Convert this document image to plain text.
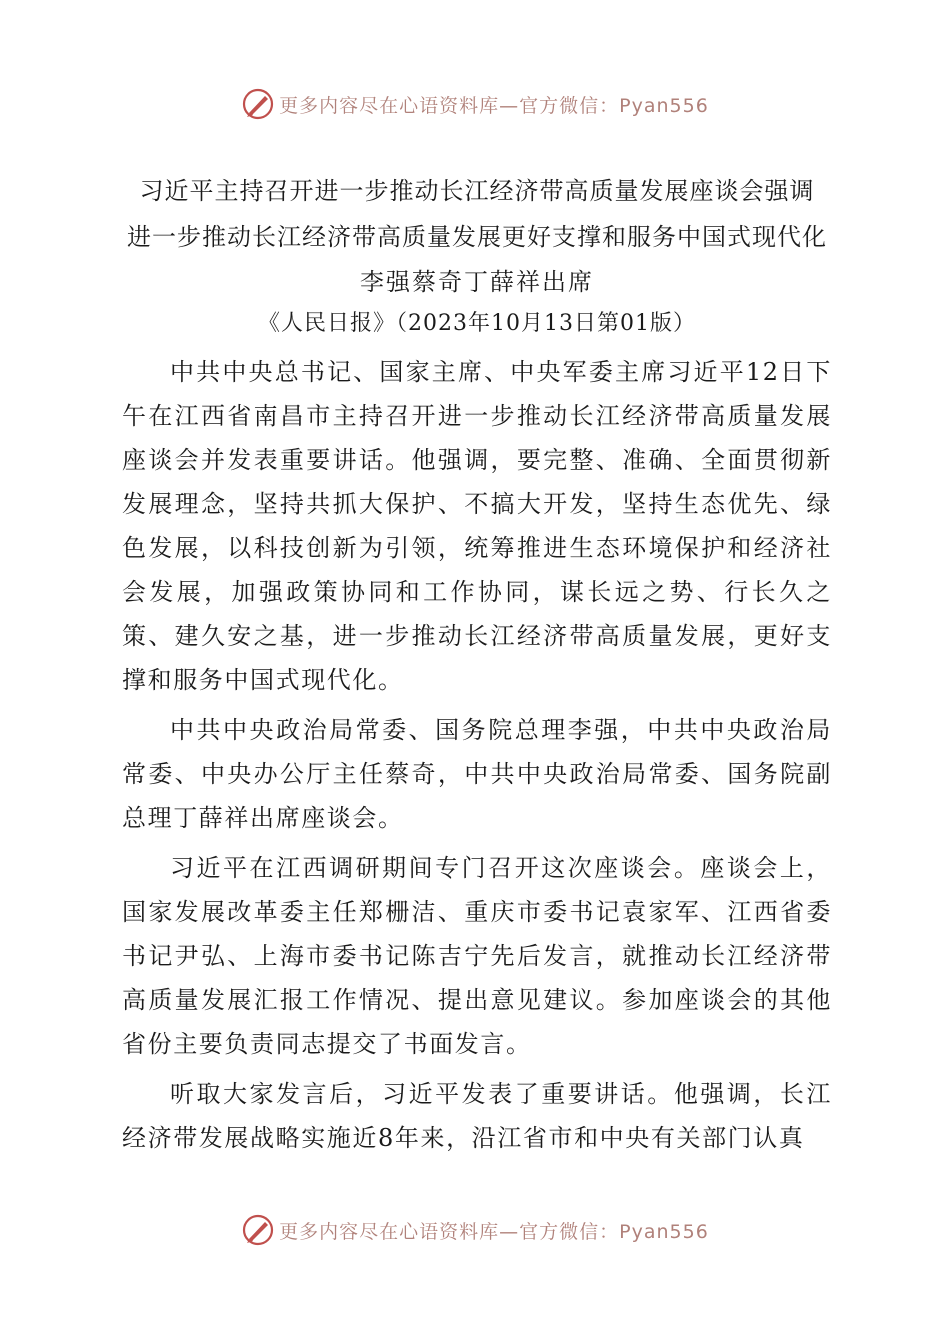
更多内容尽在心语资料库—官方微信：Pyan556
习近平主持召开进一步推动长江经济带高质量发展座谈会强调
进一步推动长江经济带高质量发展更好支撑和服务中国式现代化

李强蔡奇丁薛祥出席

《人民日报》（2023年10月13日第01版）

中共中央总书记、国家主席、中央军委主席习近平12日下午在江西省南昌市主持召开进一步推动长江经济带高质量发展座谈会并发表重要讲话。他强调，要完整、准确、全面贯彻新发展理念，坚持共抓大保护、不搞大开发，坚持生态优先、绿色发展，以科技创新为引领，统筹推进生态环境保护和经济社会发展，加强政策协同和工作协同，谋长远之势、行长久之策、建久安之基，进一步推动长江经济带高质量发展，更好支撑和服务中国式现代化。

中共中央政治局常委、国务院总理李强，中共中央政治局常委、中央办公厅主任蔡奇，中共中央政治局常委、国务院副总理丁薛祥出席座谈会。

习近平在江西调研期间专门召开这次座谈会。座谈会上，国家发展改革委主任郑栅洁、重庆市委书记袁家军、江西省委书记尹弘、上海市委书记陈吉宁先后发言，就推动长江经济带高质量发展汇报工作情况、提出意见建议。参加座谈会的其他省份主要负责同志提交了书面发言。

听取大家发言后，习近平发表了重要讲话。他强调，长江经济带发展战略实施近8年来，沿江省市和中央有关部门认真

更多内容尽在心语资料库—官方微信：Pyan556
